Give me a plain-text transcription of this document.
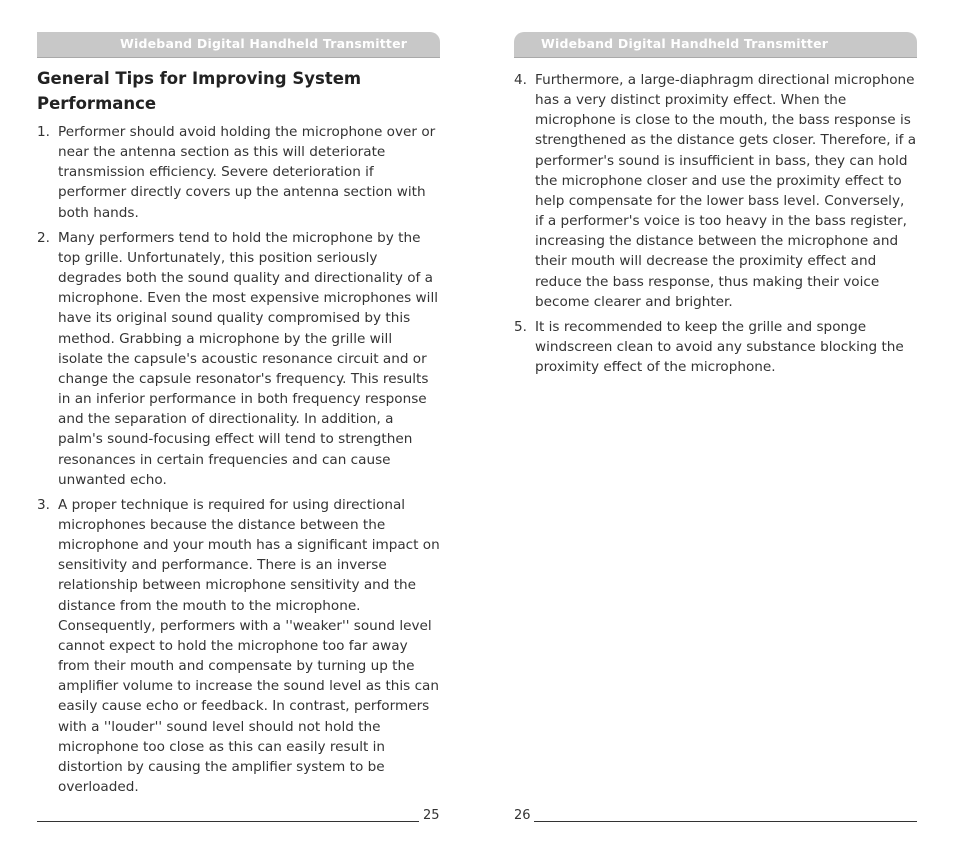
Wideband Digital Handheld Transmitter
General Tips for Improving System Performance
1. Performer should avoid holding the microphone over or near the antenna section as this will deteriorate transmission efficiency. Severe deterioration if performer directly covers up the antenna section with both hands.
2. Many performers tend to hold the microphone by the top grille. Unfortunately, this position seriously degrades both the sound quality and directionality of a microphone. Even the most expensive microphones will have its original sound quality compromised by this method. Grabbing a microphone by the grille will isolate the capsule's acoustic resonance circuit and or change the capsule resonator's frequency. This results in an inferior performance in both frequency response and the separation of directionality. In addition, a palm's sound-focusing effect will tend to strengthen resonances in certain frequencies and can cause unwanted echo.
3. A proper technique is required for using directional microphones because the distance between the microphone and your mouth has a significant impact on sensitivity and performance. There is an inverse relationship between microphone sensitivity and the distance from the mouth to the microphone. Consequently, performers with a ''weaker'' sound level cannot expect to hold the microphone too far away from their mouth and compensate by turning up the amplifier volume to increase the sound level as this can easily cause echo or feedback. In contrast, performers with a ''louder'' sound level should not hold the microphone too close as this can easily result in distortion by causing the amplifier system to be overloaded.
25
Wideband Digital Handheld Transmitter
4. Furthermore, a large-diaphragm directional microphone has a very distinct proximity effect. When the microphone is close to the mouth, the bass response is strengthened as the distance gets closer. Therefore, if a performer's sound is insufficient in bass, they can hold the microphone closer and use the proximity effect to help compensate for the lower bass level. Conversely, if a performer's voice is too heavy in the bass register, increasing the distance between the microphone and their mouth will decrease the proximity effect and reduce the bass response, thus making their voice become clearer and brighter.
5. It is recommended to keep the grille and sponge windscreen clean to avoid any substance blocking the proximity effect of the microphone.
26
